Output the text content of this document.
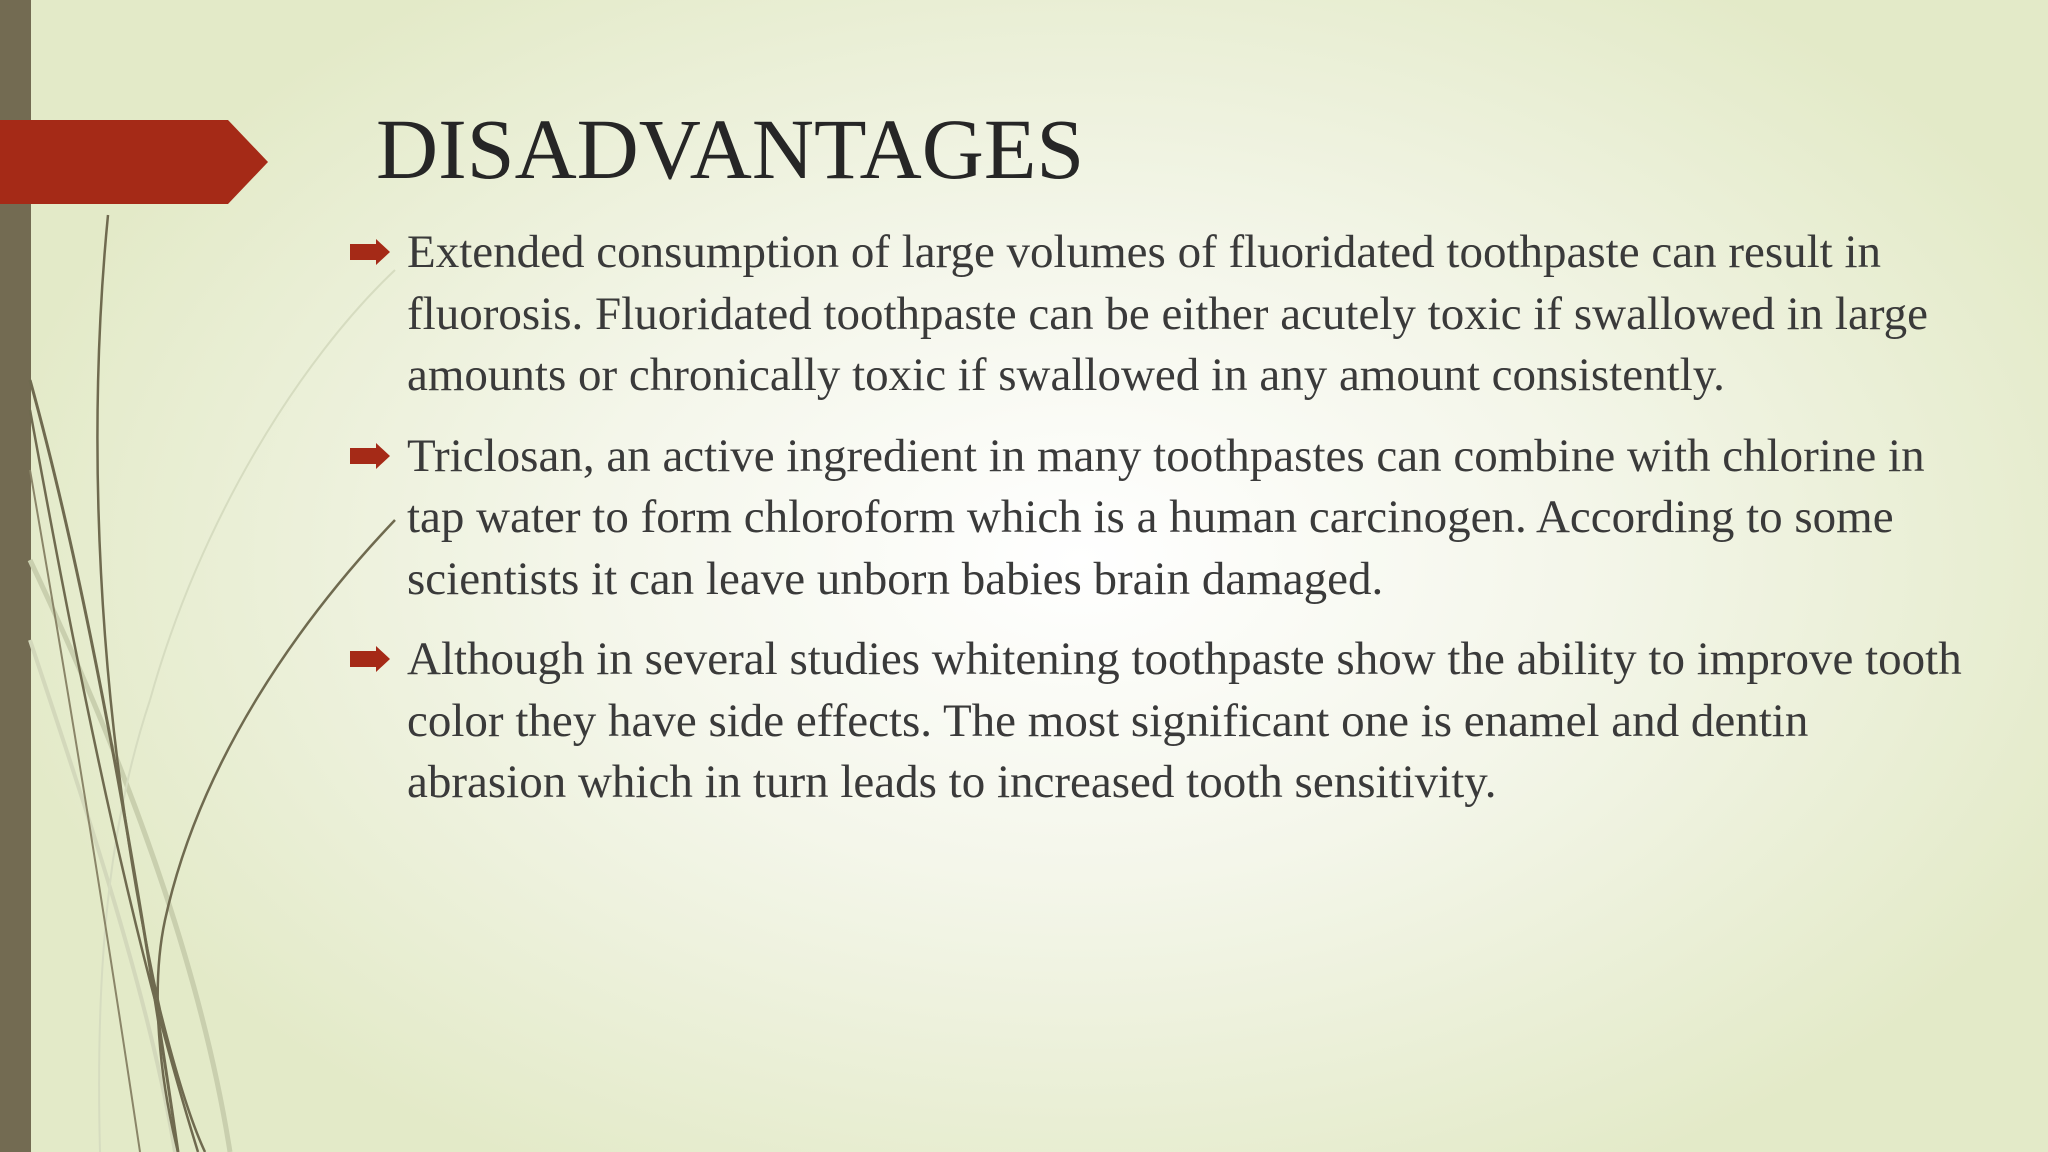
DISADVANTAGES
Extended consumption of large volumes of fluoridated toothpaste can result in fluorosis. Fluoridated toothpaste can be either acutely toxic if swallowed in large amounts or chronically toxic if swallowed in any amount consistently.
Triclosan, an active ingredient in many toothpastes can combine with chlorine in tap water to form chloroform which is a human carcinogen. According to some scientists it can leave unborn babies brain damaged.
Although in several studies whitening toothpaste show the ability to improve tooth color they have side effects. The most significant one is enamel and dentin abrasion which in turn leads to increased tooth sensitivity.
